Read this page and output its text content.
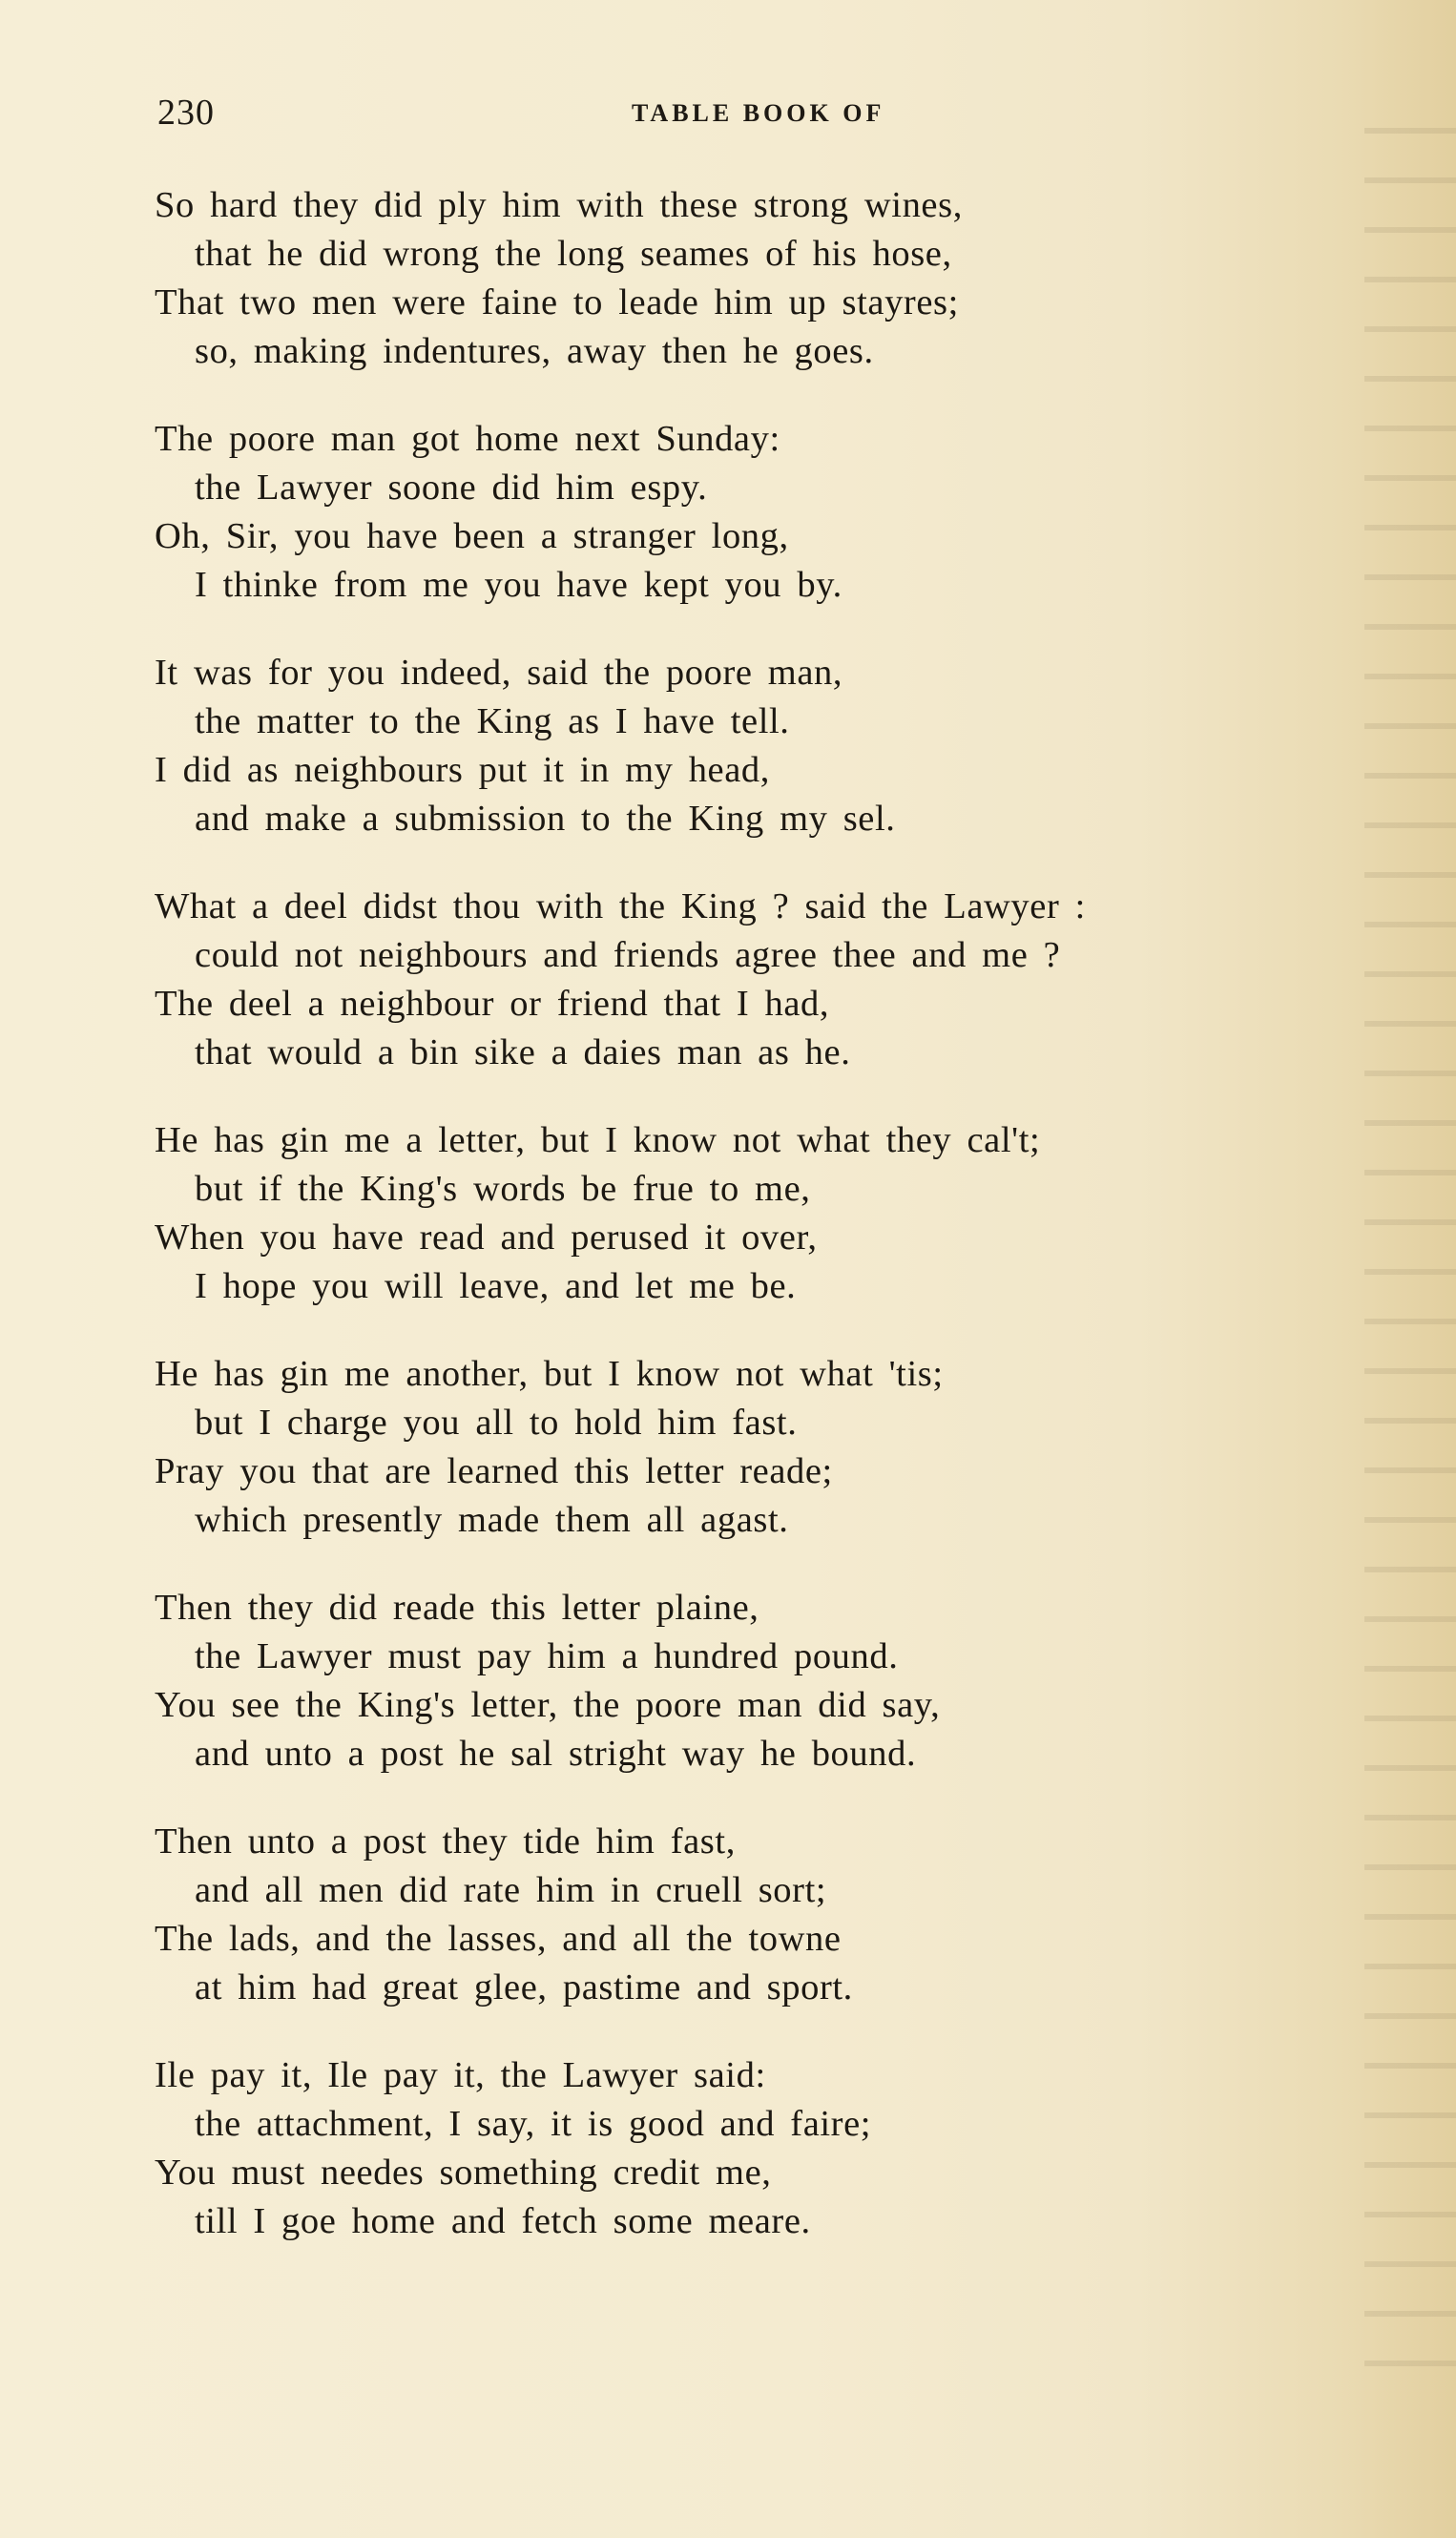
230	TABLE BOOK OF
So hard they did ply him with these strong wines,
that he did wrong the long seames of his hose,
That two men were faine to leade him up stayres;
so, making indentures, away then he goes.
The poore man got home next Sunday:
the Lawyer soone did him espy.
Oh, Sir, you have been a stranger long,
I thinke from me you have kept you by.
It was for you indeed, said the poore man,
the matter to the King as I have tell.
I did as neighbours put it in my head,
and make a submission to the King my sel.
What a deel didst thou with the King ? said the Lawyer :
could not neighbours and friends agree thee and me ?
The deel a neighbour or friend that I had,
that would a bin sike a daies man as he.
He has gin me a letter, but I know not what they cal't;
but if the King's words be frue to me,
When you have read and perused it over,
I hope you will leave, and let me be.
He has gin me another, but I know not what 'tis;
but I charge you all to hold him fast.
Pray you that are learned this letter reade;
which presently made them all agast.
Then they did reade this letter plaine,
the Lawyer must pay him a hundred pound.
You see the King's letter, the poore man did say,
and unto a post he sal stright way he bound.
Then unto a post they tide him fast,
and all men did rate him in cruell sort;
The lads, and the lasses, and all the towne
at him had great glee, pastime and sport.
Ile pay it, Ile pay it, the Lawyer said:
the attachment, I say, it is good and faire;
You must needes something credit me,
till I goe home and fetch some meare.
